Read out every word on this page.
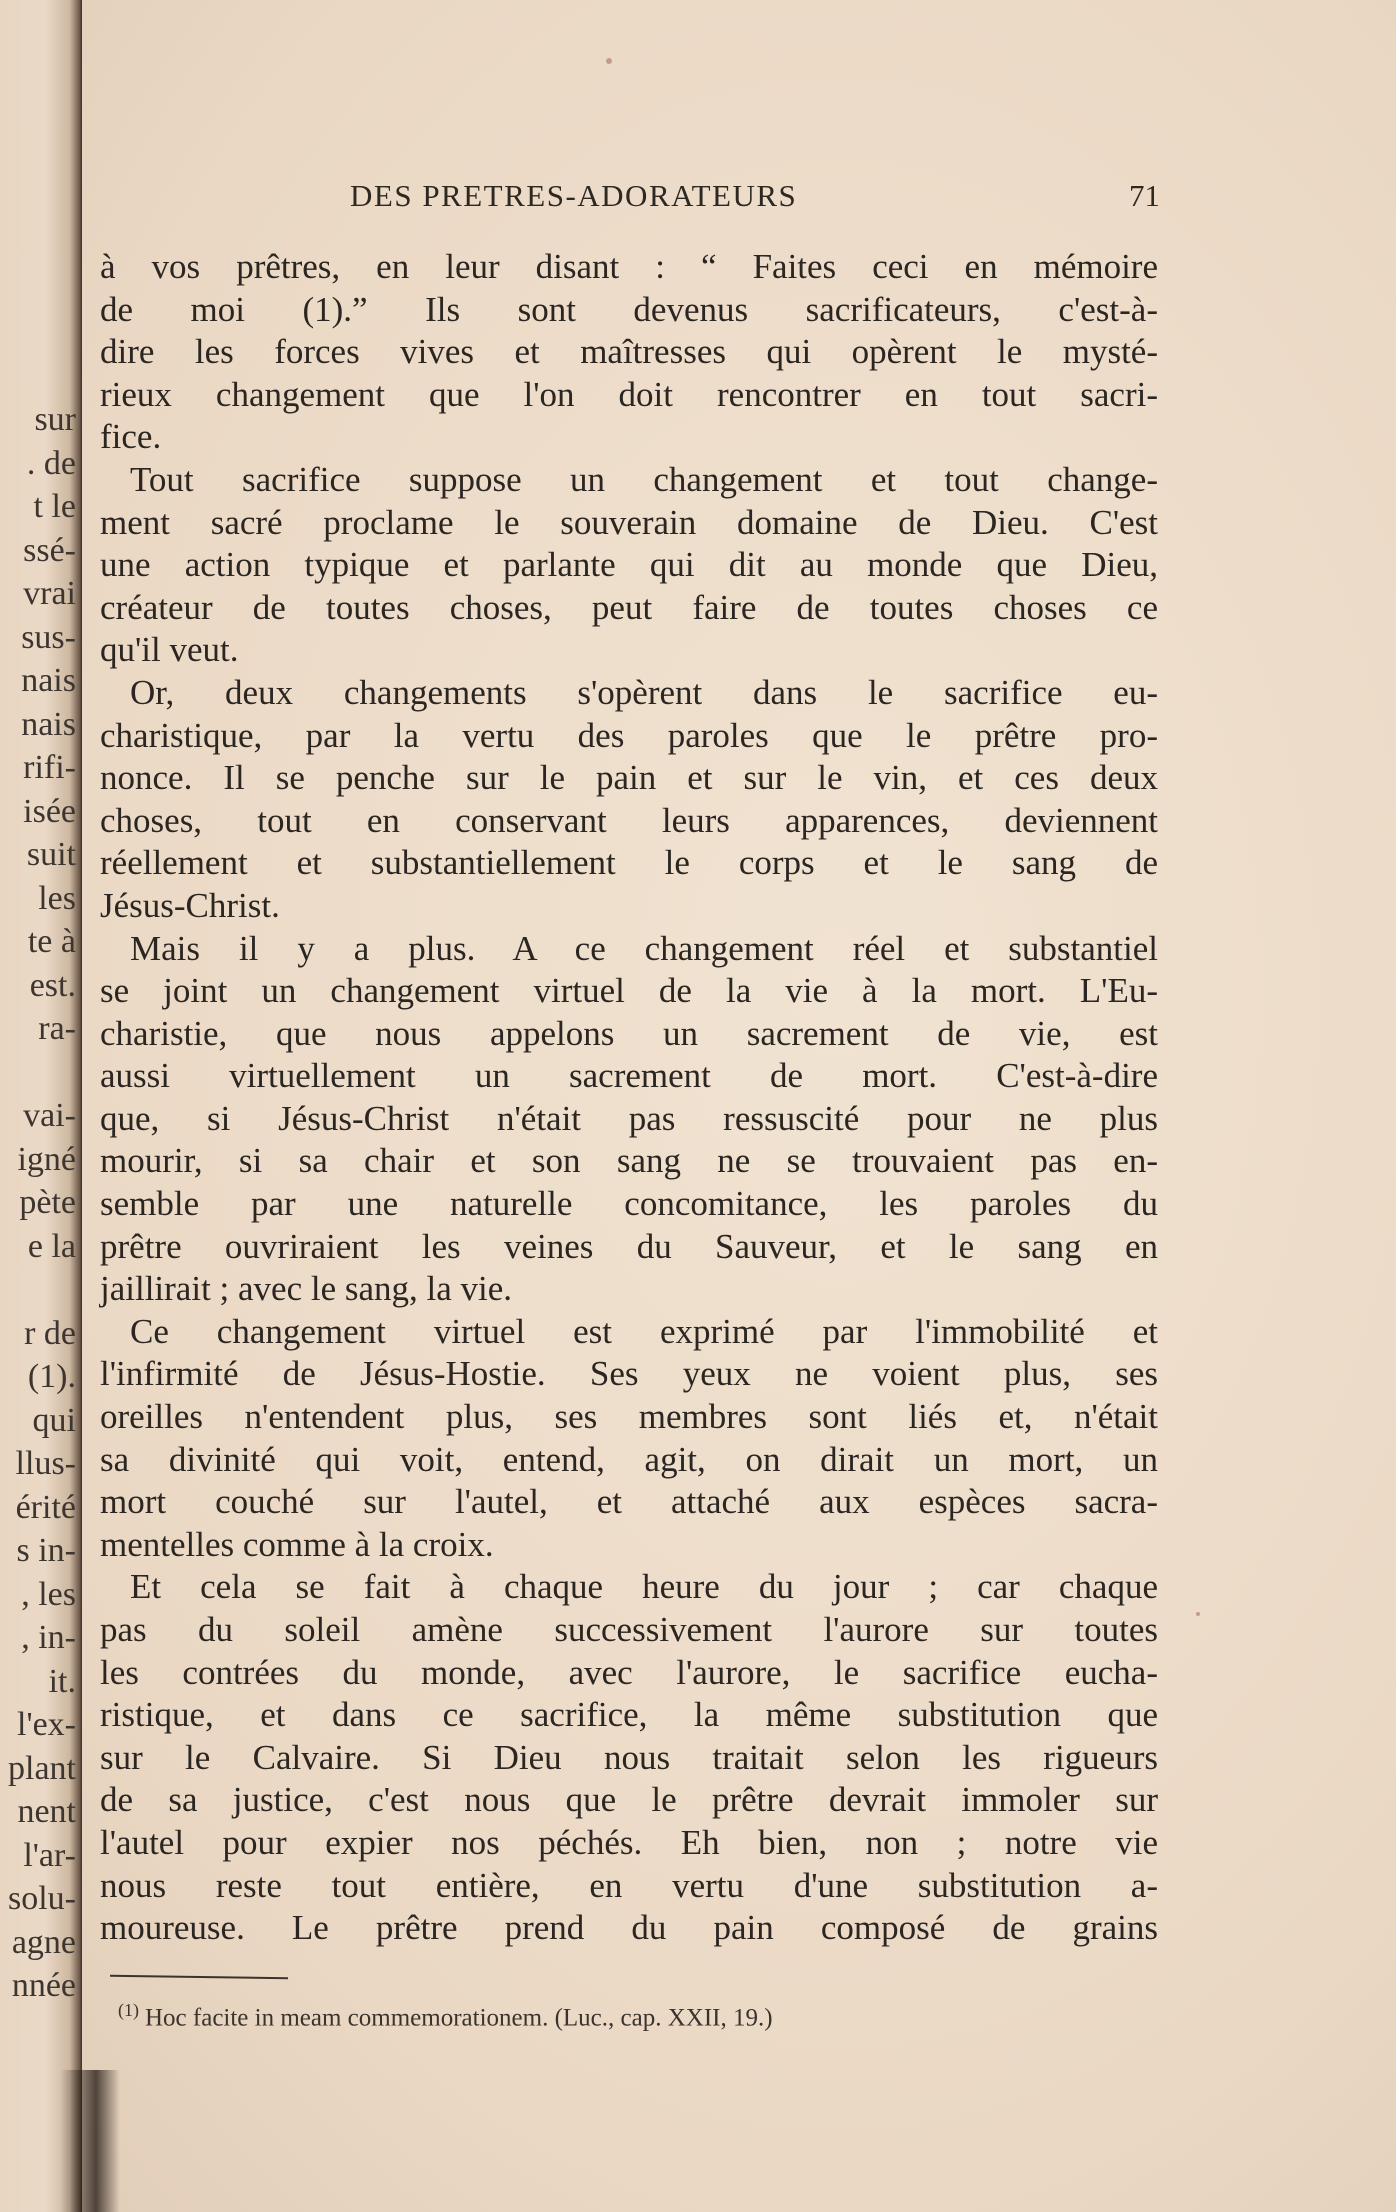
sur
. de
t le
ssé-
vrai
sus-
nais
nais
rifi-
isée
suit
les
te à
est.
ra-
vai-
igné
pète
e la
r de
(1).
qui
llus-
érité
s in-
, les
, in-
it.
l'ex-
plant
nent
l'ar-
solu-
agne
nnée
DES PRETRES-ADORATEURS	71
à vos prêtres, en leur disant : “ Faites ceci en mémoire
de moi (1).” Ils sont devenus sacrificateurs, c'est-à-
dire les forces vives et maîtresses qui opèrent le mysté-
rieux changement que l'on doit rencontrer en tout sacri-
fice.
Tout sacrifice suppose un changement et tout change-
ment sacré proclame le souverain domaine de Dieu. C'est
une action typique et parlante qui dit au monde que Dieu,
créateur de toutes choses, peut faire de toutes choses ce
qu'il veut.
Or, deux changements s'opèrent dans le sacrifice eu-
charistique, par la vertu des paroles que le prêtre pro-
nonce. Il se penche sur le pain et sur le vin, et ces deux
choses, tout en conservant leurs apparences, deviennent
réellement et substantiellement le corps et le sang de
Jésus-Christ.
Mais il y a plus. A ce changement réel et substantiel
se joint un changement virtuel de la vie à la mort. L'Eu-
charistie, que nous appelons un sacrement de vie, est
aussi virtuellement un sacrement de mort. C'est-à-dire
que, si Jésus-Christ n'était pas ressuscité pour ne plus
mourir, si sa chair et son sang ne se trouvaient pas en-
semble par une naturelle concomitance, les paroles du
prêtre ouvriraient les veines du Sauveur, et le sang en
jaillirait ; avec le sang, la vie.
Ce changement virtuel est exprimé par l'immobilité et
l'infirmité de Jésus-Hostie. Ses yeux ne voient plus, ses
oreilles n'entendent plus, ses membres sont liés et, n'était
sa divinité qui voit, entend, agit, on dirait un mort, un
mort couché sur l'autel, et attaché aux espèces sacra-
mentelles comme à la croix.
Et cela se fait à chaque heure du jour ; car chaque
pas du soleil amène successivement l'aurore sur toutes
les contrées du monde, avec l'aurore, le sacrifice eucha-
ristique, et dans ce sacrifice, la même substitution que
sur le Calvaire. Si Dieu nous traitait selon les rigueurs
de sa justice, c'est nous que le prêtre devrait immoler sur
l'autel pour expier nos péchés. Eh bien, non ; notre vie
nous reste tout entière, en vertu d'une substitution a-
moureuse. Le prêtre prend du pain composé de grains
$^{(1)}$ Hoc facite in meam commemorationem. (Luc., cap. XXII, 19.)
